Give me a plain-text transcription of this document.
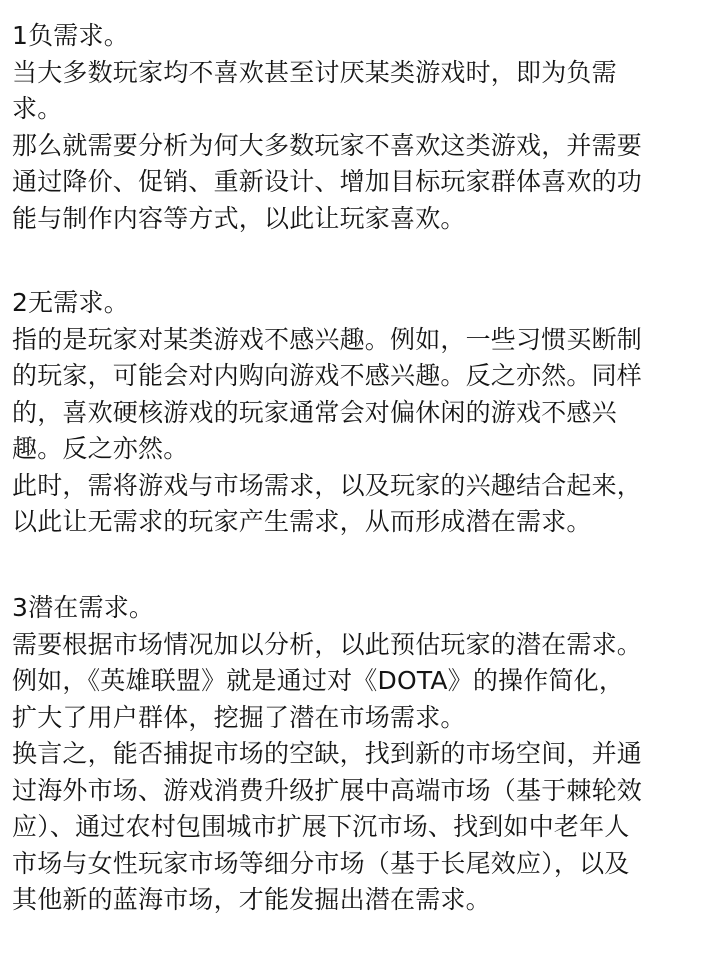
1负需求。
当大多数玩家均不喜欢甚至讨厌某类游戏时，即为负需
求。
那么就需要分析为何大多数玩家不喜欢这类游戏，并需要
通过降价、促销、重新设计、增加目标玩家群体喜欢的功
能与制作内容等方式，以此让玩家喜欢。
2无需求。
指的是玩家对某类游戏不感兴趣。例如，一些习惯买断制
的玩家，可能会对内购向游戏不感兴趣。反之亦然。同样
的，喜欢硬核游戏的玩家通常会对偏休闲的游戏不感兴
趣。反之亦然。
此时，需将游戏与市场需求，以及玩家的兴趣结合起来，
以此让无需求的玩家产生需求，从而形成潜在需求。
3潜在需求。
需要根据市场情况加以分析，以此预估玩家的潜在需求。
例如，《英雄联盟》就是通过对《DOTA》的操作简化，
扩大了用户群体，挖掘了潜在市场需求。
换言之，能否捕捉市场的空缺，找到新的市场空间，并通
过海外市场、游戏消费升级扩展中高端市场（基于棘轮效
应）、通过农村包围城市扩展下沉市场、找到如中老年人
市场与女性玩家市场等细分市场（基于长尾效应），以及
其他新的蓝海市场，才能发掘出潜在需求。
